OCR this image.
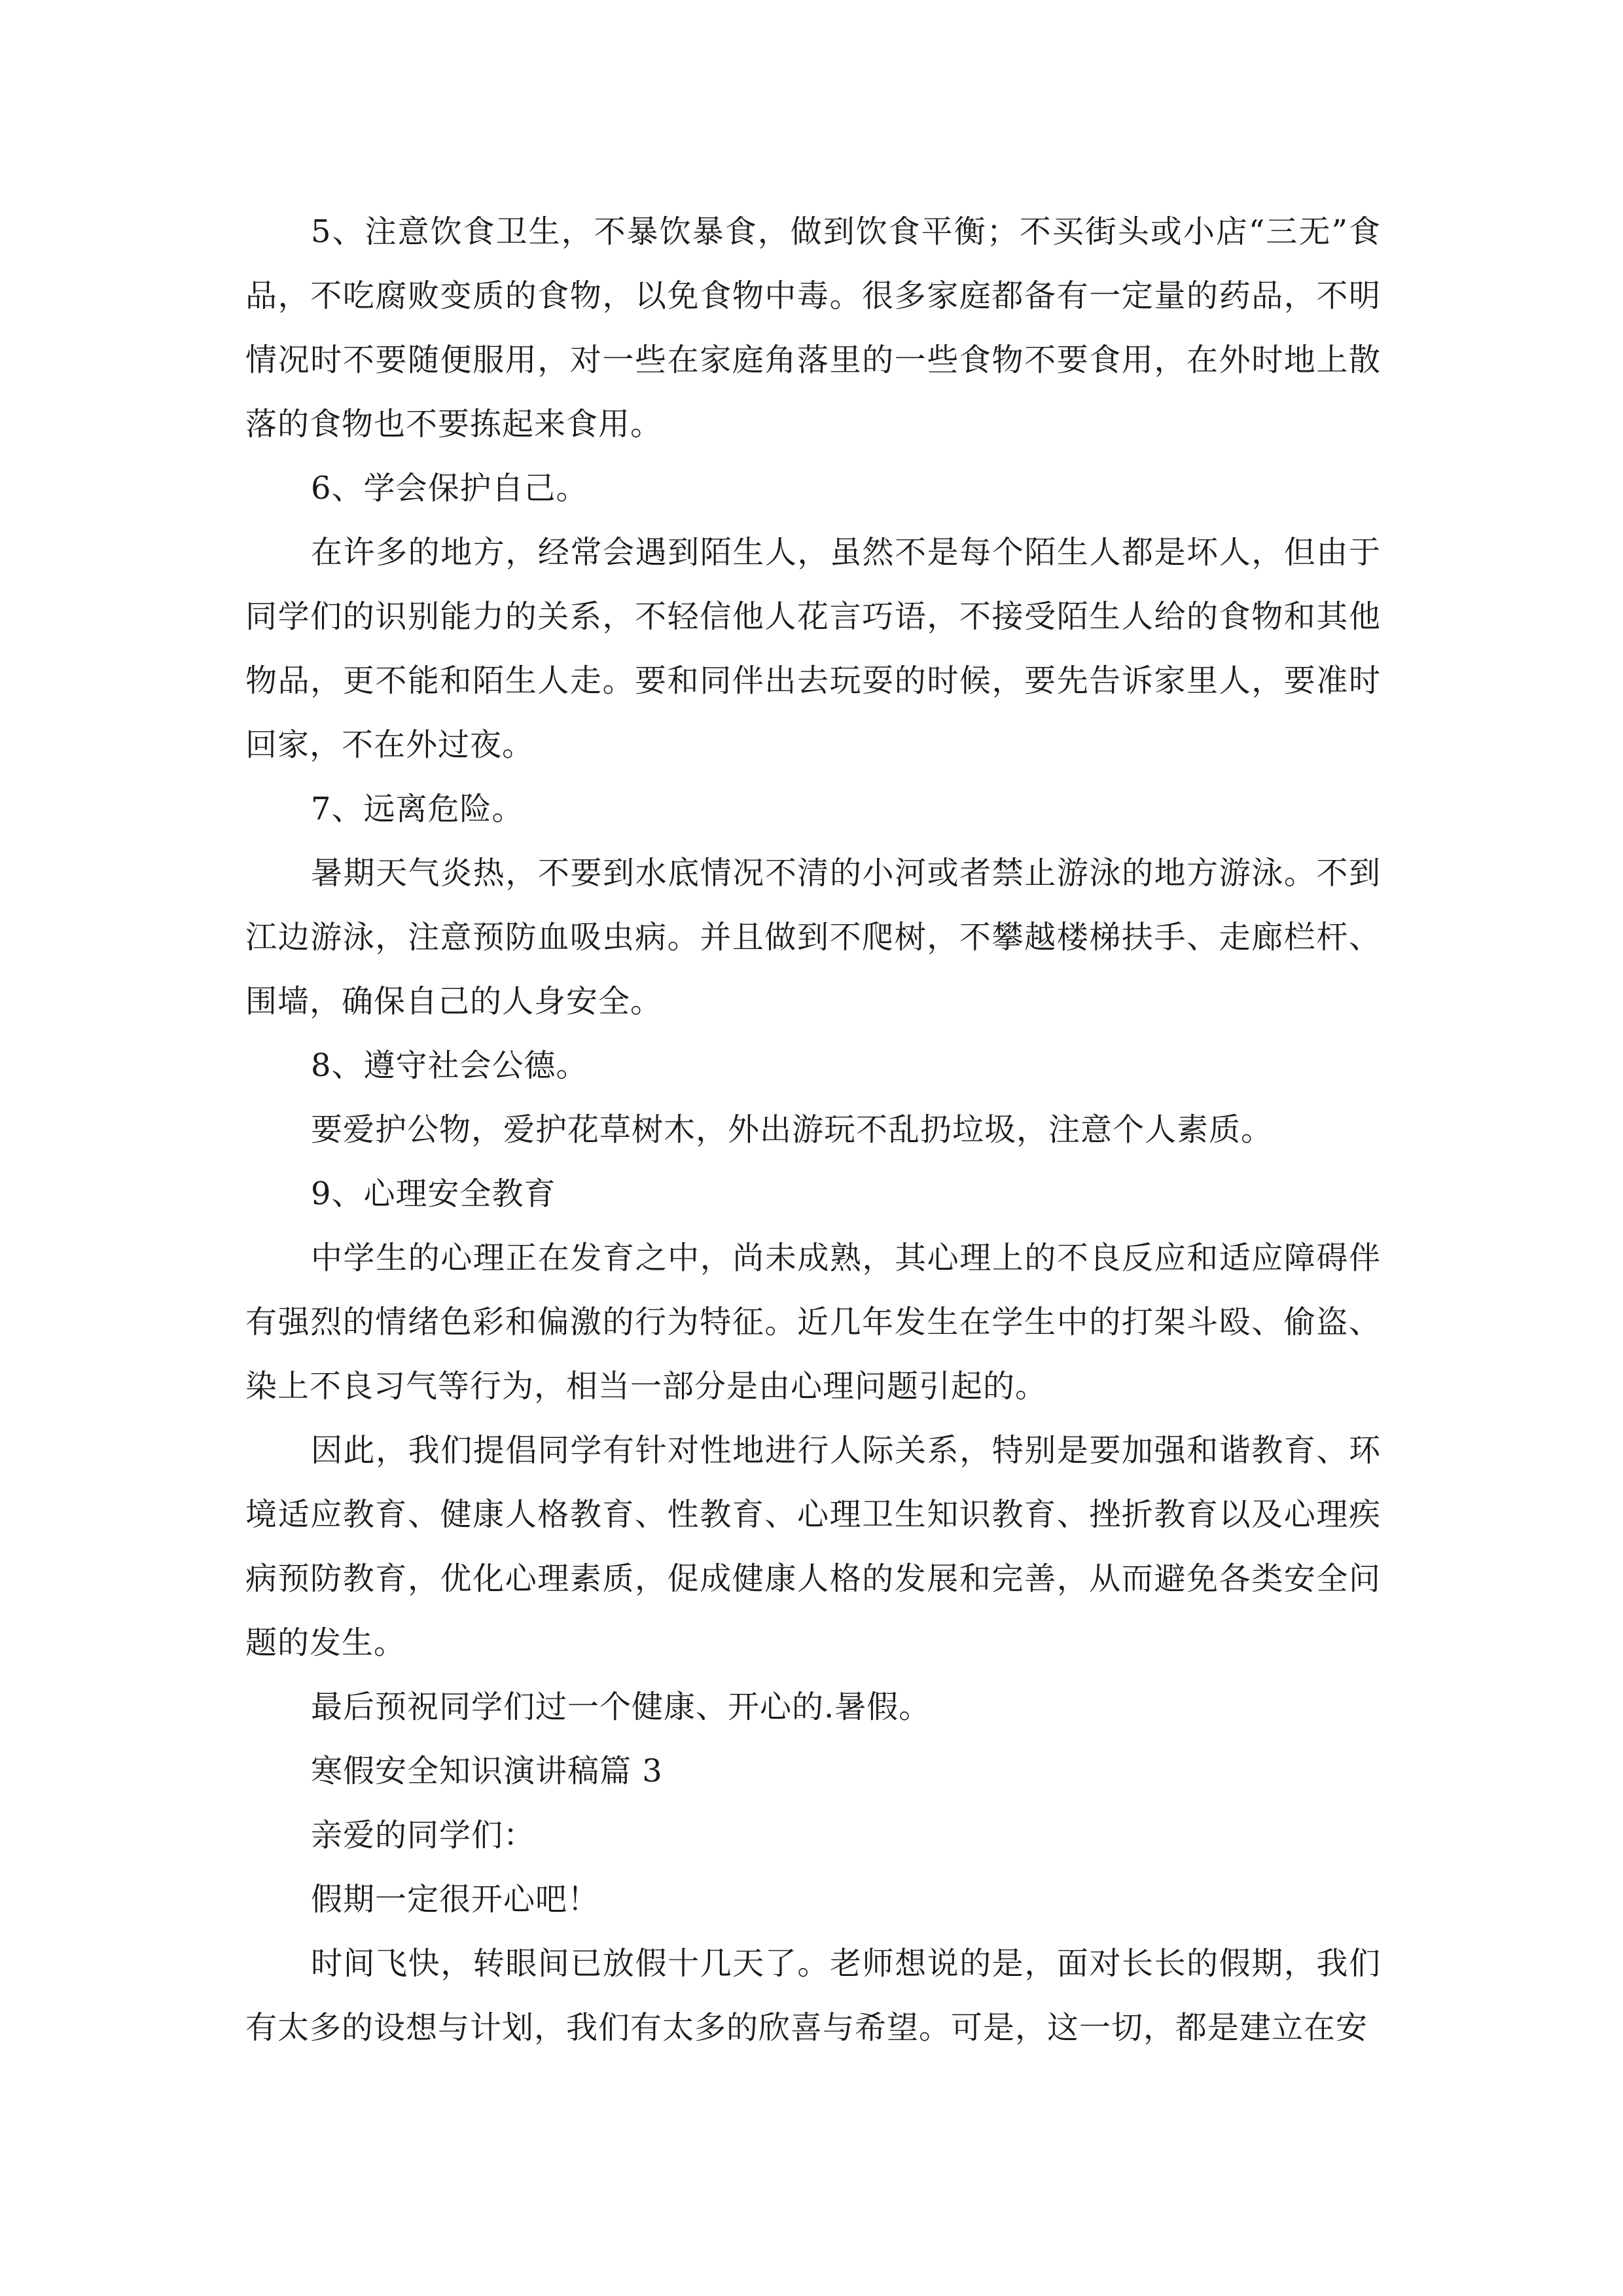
5、注意饮食卫生，不暴饮暴食，做到饮食平衡；不买街头或小店“三无”食品，不吃腐败变质的食物，以免食物中毒。很多家庭都备有一定量的药品，不明情况时不要随便服用，对一些在家庭角落里的一些食物不要食用，在外时地上散落的食物也不要拣起来食用。

6、学会保护自己。

在许多的地方，经常会遇到陌生人，虽然不是每个陌生人都是坏人，但由于同学们的识别能力的关系，不轻信他人花言巧语，不接受陌生人给的食物和其他物品，更不能和陌生人走。要和同伴出去玩耍的时候，要先告诉家里人，要准时回家，不在外过夜。

7、远离危险。

暑期天气炎热，不要到水底情况不清的小河或者禁止游泳的地方游泳。不到江边游泳，注意预防血吸虫病。并且做到不爬树，不攀越楼梯扶手、走廊栏杆、围墙，确保自己的人身安全。

8、遵守社会公德。

要爱护公物，爱护花草树木，外出游玩不乱扔垃圾，注意个人素质。

9、心理安全教育

中学生的心理正在发育之中，尚未成熟，其心理上的不良反应和适应障碍伴有强烈的情绪色彩和偏激的行为特征。近几年发生在学生中的打架斗殴、偷盗、染上不良习气等行为，相当一部分是由心理问题引起的。

因此，我们提倡同学有针对性地进行人际关系，特别是要加强和谐教育、环境适应教育、健康人格教育、性教育、心理卫生知识教育、挫折教育以及心理疾病预防教育，优化心理素质，促成健康人格的发展和完善，从而避免各类安全问题的发生。

最后预祝同学们过一个健康、开心的.暑假。

寒假安全知识演讲稿篇 3

亲爱的同学们：

假期一定很开心吧！

时间飞快，转眼间已放假十几天了。老师想说的是，面对长长的假期，我们有太多的设想与计划，我们有太多的欣喜与希望。可是，这一切，都是建立在安
